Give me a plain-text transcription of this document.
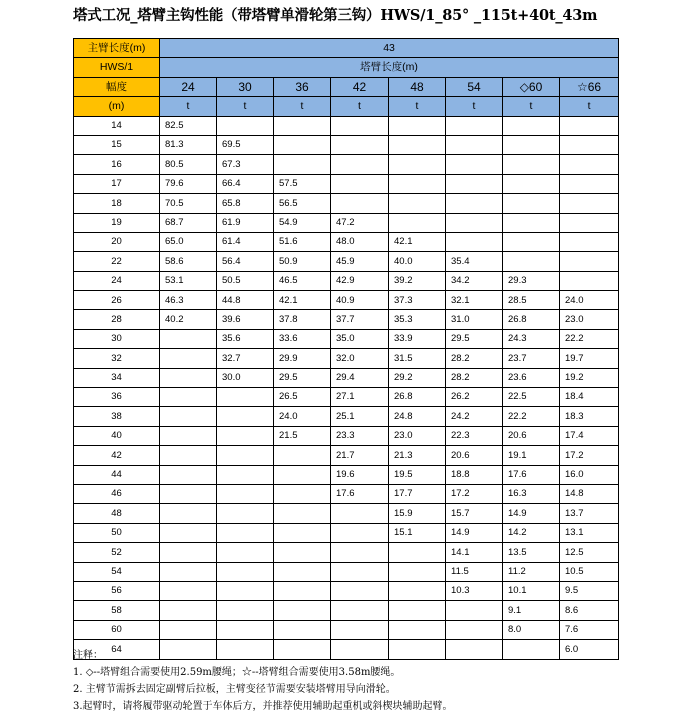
塔式工况_塔臂主钩性能（带塔臂单滑轮第三钩）HWS/1_85° _115t+40t_43m
主臂长度(m)	43							
HWS/1	塔臂长度(m)							
幅度	24	30	36	42	48	54	◇60	☆66
(m)	t	t	t	t	t	t	t	t
14	82.5							
15	81.3	69.5						
16	80.5	67.3						
17	79.6	66.4	57.5					
18	70.5	65.8	56.5					
19	68.7	61.9	54.9	47.2				
20	65.0	61.4	51.6	48.0	42.1			
22	58.6	56.4	50.9	45.9	40.0	35.4		
24	53.1	50.5	46.5	42.9	39.2	34.2	29.3	
26	46.3	44.8	42.1	40.9	37.3	32.1	28.5	24.0
28	40.2	39.6	37.8	37.7	35.3	31.0	26.8	23.0
30		35.6	33.6	35.0	33.9	29.5	24.3	22.2
32		32.7	29.9	32.0	31.5	28.2	23.7	19.7
34		30.0	29.5	29.4	29.2	28.2	23.6	19.2
36			26.5	27.1	26.8	26.2	22.5	18.4
38			24.0	25.1	24.8	24.2	22.2	18.3
40			21.5	23.3	23.0	22.3	20.6	17.4
42				21.7	21.3	20.6	19.1	17.2
44				19.6	19.5	18.8	17.6	16.0
46				17.6	17.7	17.2	16.3	14.8
48					15.9	15.7	14.9	13.7
50					15.1	14.9	14.2	13.1
52						14.1	13.5	12.5
54						11.5	11.2	10.5
56						10.3	10.1	9.5
58							9.1	8.6
60							8.0	7.6
64								6.0
注释：
1. ◇--塔臂组合需要使用2.59m腰绳；☆--塔臂组合需要使用3.58m腰绳。
2. 主臂节需拆去固定副臂后拉板，主臂变径节需要安装塔臂用导向滑轮。
3.起臂时，请将履带驱动轮置于车体后方，并推荐使用辅助起重机或斜楔块辅助起臂。
